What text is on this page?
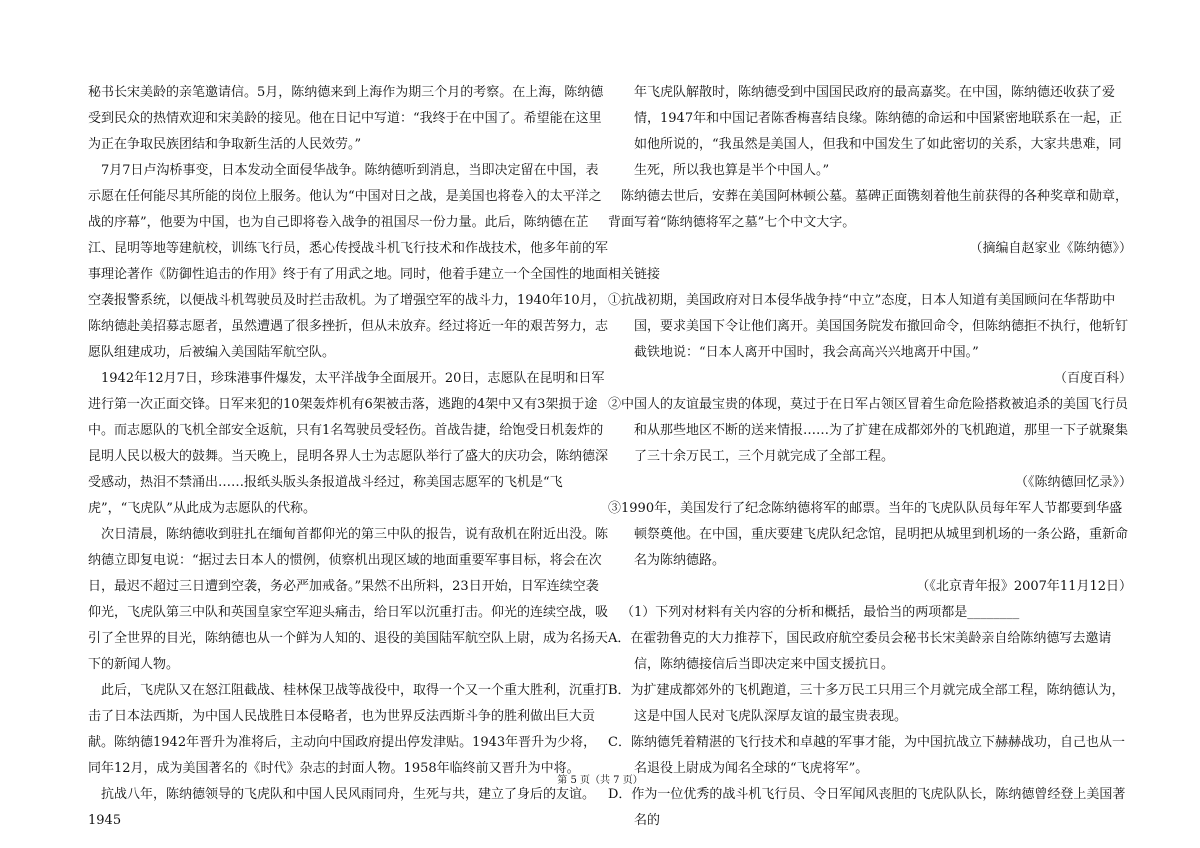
秘书长宋美龄的亲笔邀请信。5月，陈纳德来到上海作为期三个月的考察。在上海，陈纳德受到民众的热情欢迎和宋美龄的接见。他在日记中写道：“我终于在中国了。希望能在这里为正在争取民族团结和争取新生活的人民效劳。”

7月7日卢沟桥事变，日本发动全面侵华战争。陈纳德听到消息，当即决定留在中国，表示愿在任何能尽其所能的岗位上服务。他认为“中国对日之战，是美国也将卷入的太平洋之战的序幕”，他要为中国，也为自己即将卷入战争的祖国尽一份力量。此后，陈纳德在芷江、昆明等地等建航校，训练飞行员，悉心传授战斗机飞行技术和作战技术，他多年前的军事理论著作《防御性追击的作用》终于有了用武之地。同时，他着手建立一个全国性的地面空袭报警系统，以便战斗机驾驶员及时拦击敌机。为了增强空军的战斗力，1940年10月，陈纳德赴美招募志愿者，虽然遭遇了很多挫折，但从未放弃。经过将近一年的艰苦努力，志愿队组建成功，后被编入美国陆军航空队。

1942年12月7日，珍珠港事件爆发，太平洋战争全面展开。20日，志愿队在昆明和日军进行第一次正面交锋。日军来犯的10架轰炸机有6架被击落，逃跑的4架中又有3架损于途中。而志愿队的飞机全部安全返航，只有1名驾驶员受轻伤。首战告捷，给饱受日机轰炸的昆明人民以极大的鼓舞。当天晚上，昆明各界人士为志愿队举行了盛大的庆功会，陈纳德深受感动，热泪不禁涌出……报纸头版头条报道战斗经过，称美国志愿军的飞机是“飞虎”，“飞虎队”从此成为志愿队的代称。

次日清晨，陈纳德收到驻扎在缅甸首都仰光的第三中队的报告，说有敌机在附近出没。陈纳德立即复电说：“据过去日本人的惯例，侦察机出现区域的地面重要军事目标，将会在次日，最迟不超过三日遭到空袭，务必严加戒备。”果然不出所料，23日开始，日军连续空袭仰光，飞虎队第三中队和英国皇家空军迎头痛击，给日军以沉重打击。仰光的连续空战，吸引了全世界的目光，陈纳德也从一个鲜为人知的、退役的美国陆军航空队上尉，成为名扬天下的新闻人物。

此后，飞虎队又在怒江阻截战、桂林保卫战等战役中，取得一个又一个重大胜利，沉重打击了日本法西斯，为中国人民战胜日本侵略者，也为世界反法西斯斗争的胜利做出巨大贡献。陈纳德1942年晋升为准将后，主动向中国政府提出停发津贴。1943年晋升为少将，同年12月，成为美国著名的《时代》杂志的封面人物。1958年临终前又晋升为中将。

抗战八年，陈纳德领导的飞虎队和中国人民风雨同舟，生死与共，建立了身后的友谊。1945

年飞虎队解散时，陈纳德受到中国国民政府的最高嘉奖。在中国，陈纳德还收获了爱情，1947年和中国记者陈香梅喜结良缘。陈纳德的命运和中国紧密地联系在一起，正如他所说的，“我虽然是美国人，但我和中国发生了如此密切的关系，大家共患难，同生死，所以我也算是半个中国人。”

陈纳德去世后，安葬在美国阿林顿公墓。墓碑正面镌刻着他生前获得的各种奖章和勋章，背面写着“陈纳德将军之墓”七个中文大字。

（摘编自赵家业《陈纳德》）

相关链接

①抗战初期，美国政府对日本侵华战争持“中立”态度，日本人知道有美国顾问在华帮助中国，要求美国下令让他们离开。美国国务院发布撤回命令，但陈纳德拒不执行，他斩钉截铁地说：“日本人离开中国时，我会高高兴兴地离开中国。”

（百度百科）

②中国人的友谊最宝贵的体现，莫过于在日军占领区冒着生命危险搭救被追杀的美国飞行员和从那些地区不断的送来情报……为了扩建在成都郊外的飞机跑道，那里一下子就聚集了三十余万民工，三个月就完成了全部工程。

（《陈纳德回忆录》）

③1990年，美国发行了纪念陈纳德将军的邮票。当年的飞虎队队员每年军人节都要到华盛顿祭奠他。在中国，重庆要建飞虎队纪念馆，昆明把从城里到机场的一条公路，重新命名为陈纳德路。

（《北京青年报》2007年11月12日）

（1）下列对材料有关内容的分析和概括，最恰当的两项都是________

A．在霍勃鲁克的大力推荐下，国民政府航空委员会秘书长宋美龄亲自给陈纳德写去邀请信，陈纳德接信后当即决定来中国支援抗日。

B．为扩建成都郊外的飞机跑道，三十多万民工只用三个月就完成全部工程，陈纳德认为，这是中国人民对飞虎队深厚友谊的最宝贵表现。

C．陈纳德凭着精湛的飞行技术和卓越的军事才能，为中国抗战立下赫赫战功，自己也从一名退役上尉成为闻名全球的“飞虎将军”。

D．作为一位优秀的战斗机飞行员、令日军闻风丧胆的飞虎队队长，陈纳德曾经登上美国著名的

第 5 页（共 7 页）
